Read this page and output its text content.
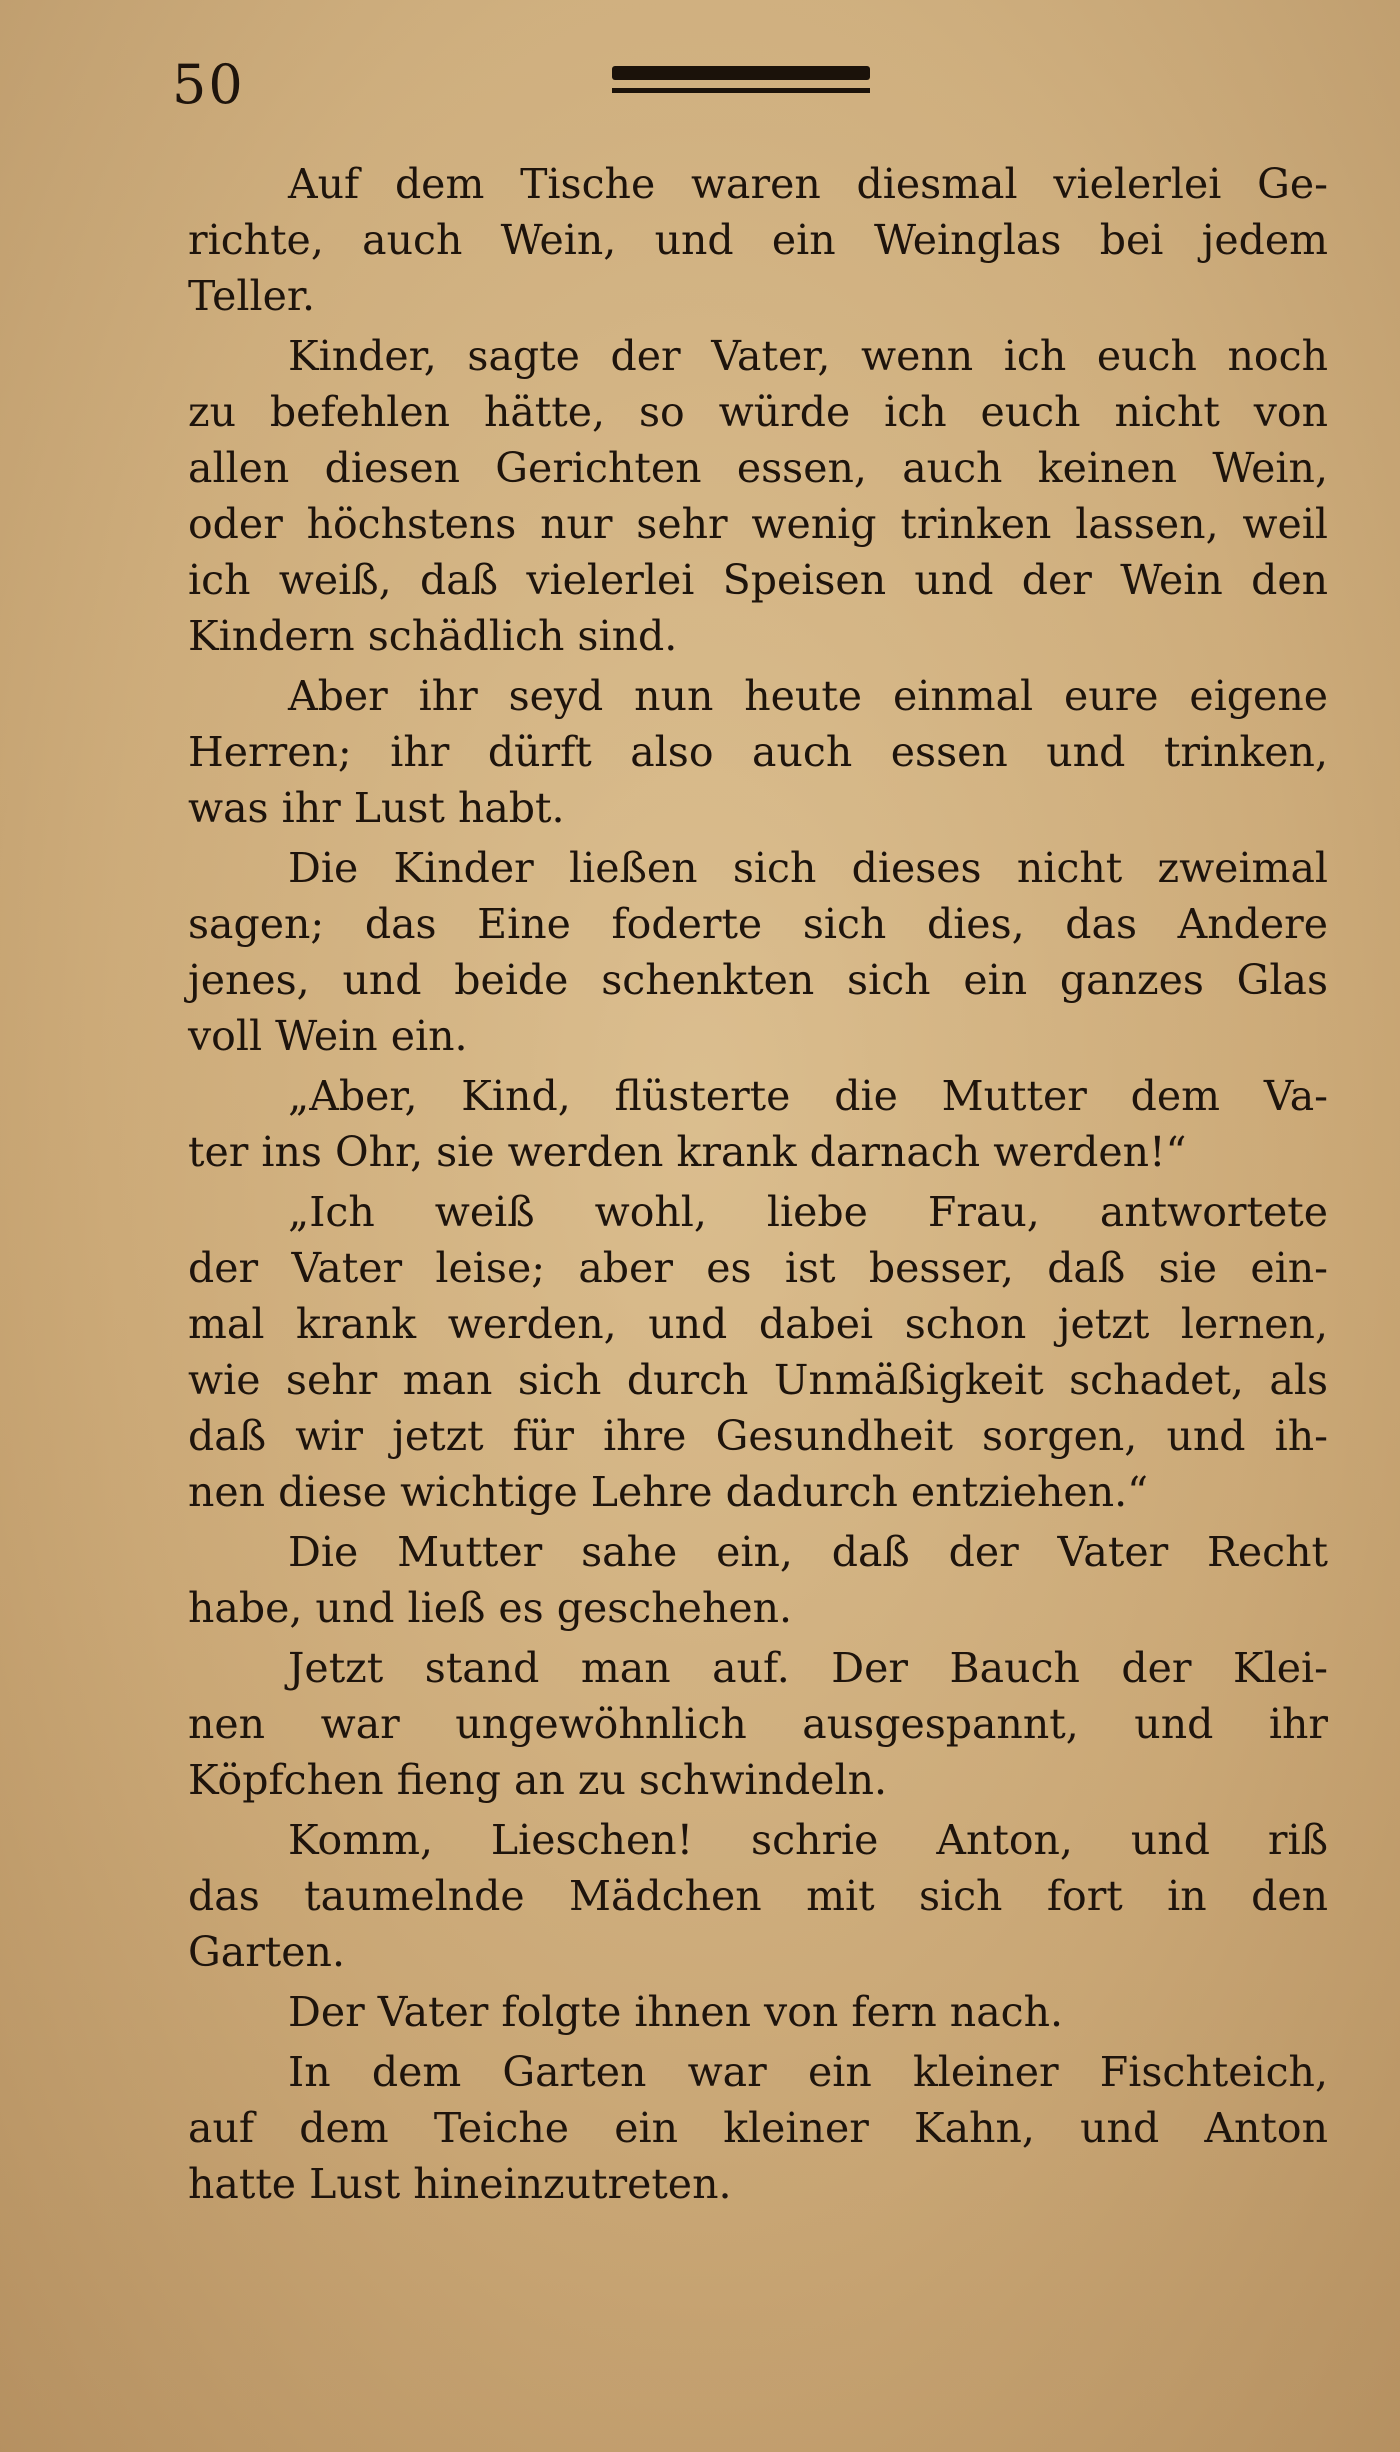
50
Auf dem Tische waren diesmal vielerlei Ge-
richte, auch Wein, und ein Weinglas bei jedem
Teller.
Kinder, sagte der Vater, wenn ich euch noch
zu befehlen hätte, so würde ich euch nicht von
allen diesen Gerichten essen, auch keinen Wein,
oder höchstens nur sehr wenig trinken lassen, weil
ich weiß, daß vielerlei Speisen und der Wein den
Kindern schädlich sind.
Aber ihr seyd nun heute einmal eure eigene
Herren; ihr dürft also auch essen und trinken,
was ihr Lust habt.
Die Kinder ließen sich dieses nicht zweimal
sagen; das Eine foderte sich dies, das Andere
jenes, und beide schenkten sich ein ganzes Glas
voll Wein ein.
„Aber, Kind, flüsterte die Mutter dem Va-
ter ins Ohr, sie werden krank darnach werden!“
„Ich weiß wohl, liebe Frau, antwortete
der Vater leise; aber es ist besser, daß sie ein-
mal krank werden, und dabei schon jetzt lernen,
wie sehr man sich durch Unmäßigkeit schadet, als
daß wir jetzt für ihre Gesundheit sorgen, und ih-
nen diese wichtige Lehre dadurch entziehen.“
Die Mutter sahe ein, daß der Vater Recht
habe, und ließ es geschehen.
Jetzt stand man auf. Der Bauch der Klei-
nen war ungewöhnlich ausgespannt, und ihr
Köpfchen fieng an zu schwindeln.
Komm, Lieschen! schrie Anton, und riß
das taumelnde Mädchen mit sich fort in den
Garten.
Der Vater folgte ihnen von fern nach.
In dem Garten war ein kleiner Fischteich,
auf dem Teiche ein kleiner Kahn, und Anton
hatte Lust hineinzutreten.
